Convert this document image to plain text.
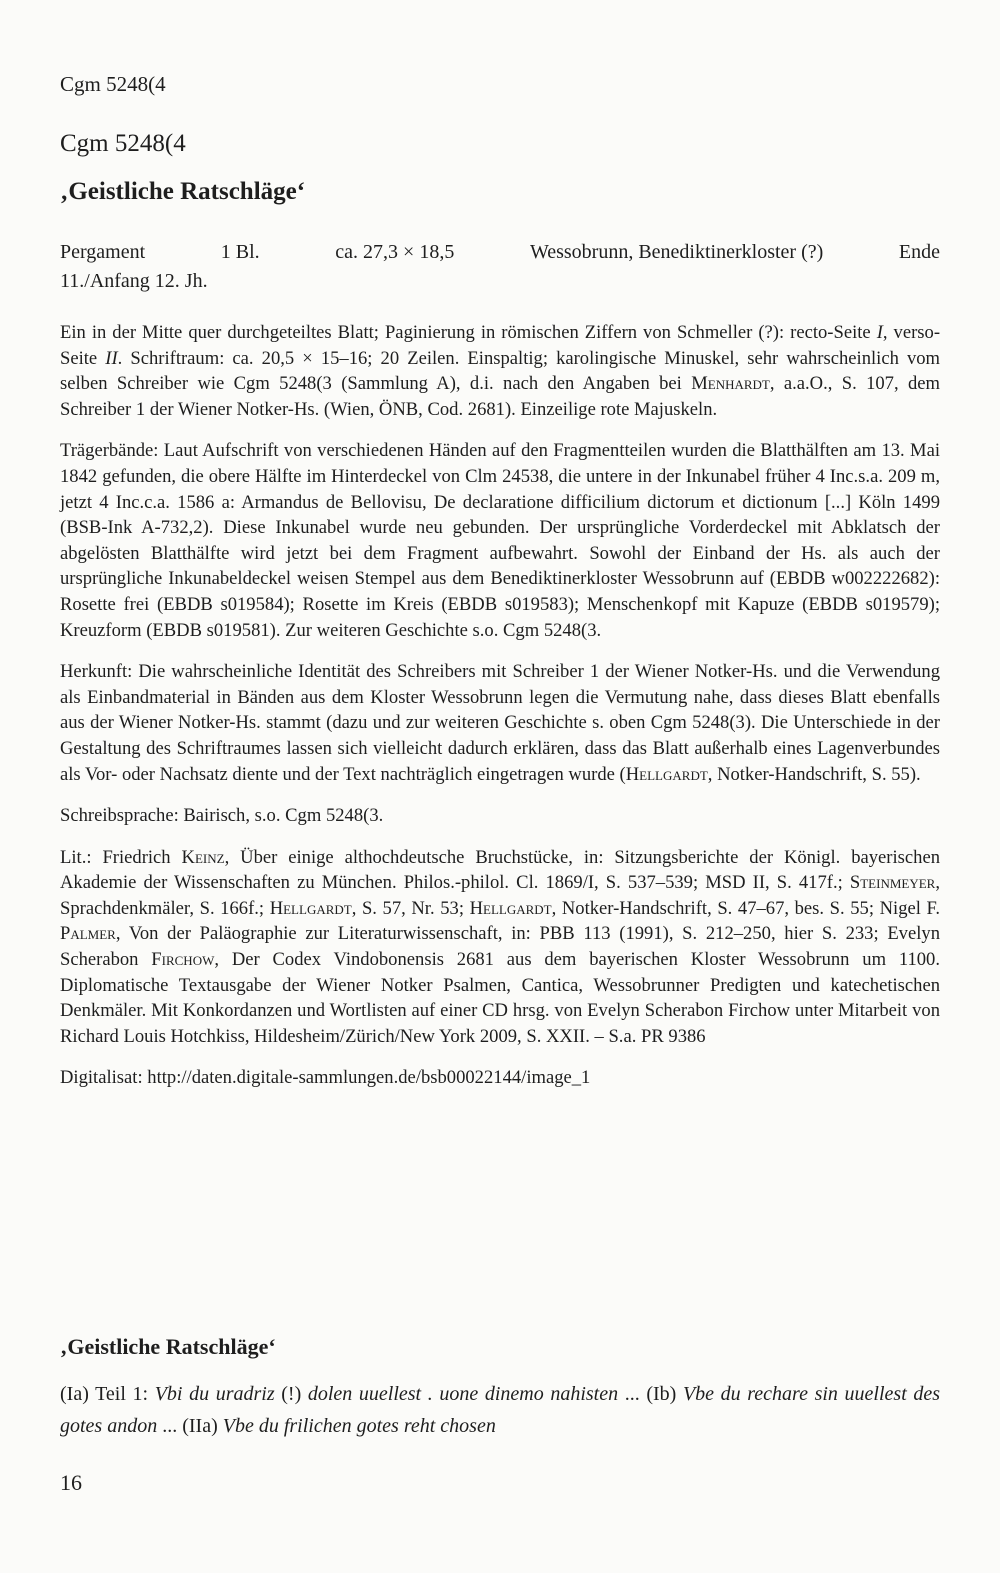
Cgm 5248(4
Cgm 5248(4
‚Geistliche Ratschläge‘
Pergament	1 Bl.	ca. 27,3 × 18,5	Wessobrunn, Benediktinerkloster (?)	Ende
11./Anfang 12. Jh.

Ein in der Mitte quer durchgeteiltes Blatt; Paginierung in römischen Ziffern von Schmeller (?): recto-Seite I, verso-Seite II. Schriftraum: ca. 20,5 × 15–16; 20 Zeilen. Einspaltig; karolingische Minuskel, sehr wahrscheinlich vom selben Schreiber wie Cgm 5248(3 (Sammlung A), d.i. nach den Angaben bei Menhardt, a.a.O., S. 107, dem Schreiber 1 der Wiener Notker-Hs. (Wien, ÖNB, Cod. 2681). Einzeilige rote Majuskeln.

Trägerbände: Laut Aufschrift von verschiedenen Händen auf den Fragmentteilen wurden die Blatthälften am 13. Mai 1842 gefunden, die obere Hälfte im Hinterdeckel von Clm 24538, die untere in der Inkunabel früher 4 Inc.s.a. 209 m, jetzt 4 Inc.c.a. 1586 a: Armandus de Bellovisu, De declaratione difficilium dictorum et dictionum [...] Köln 1499 (BSB-Ink A-732,2). Diese Inkunabel wurde neu gebunden. Der ursprüngliche Vorderdeckel mit Abklatsch der abgelösten Blatthälfte wird jetzt bei dem Fragment aufbewahrt. Sowohl der Einband der Hs. als auch der ursprüngliche Inkunabeldeckel weisen Stempel aus dem Benediktinerkloster Wessobrunn auf (EBDB w002222682): Rosette frei (EBDB s019584); Rosette im Kreis (EBDB s019583); Menschenkopf mit Kapuze (EBDB s019579); Kreuzform (EBDB s019581). Zur weiteren Geschichte s.o. Cgm 5248(3.

Herkunft: Die wahrscheinliche Identität des Schreibers mit Schreiber 1 der Wiener Notker-Hs. und die Verwendung als Einbandmaterial in Bänden aus dem Kloster Wessobrunn legen die Vermutung nahe, dass dieses Blatt ebenfalls aus der Wiener Notker-Hs. stammt (dazu und zur weiteren Geschichte s. oben Cgm 5248(3). Die Unterschiede in der Gestaltung des Schriftraumes lassen sich vielleicht dadurch erklären, dass das Blatt außerhalb eines Lagenverbundes als Vor- oder Nachsatz diente und der Text nachträglich eingetragen wurde (Hellgardt, Notker-Handschrift, S. 55).

Schreibsprache: Bairisch, s.o. Cgm 5248(3.

Lit.: Friedrich Keinz, Über einige althochdeutsche Bruchstücke, in: Sitzungsberichte der Königl. bayerischen Akademie der Wissenschaften zu München. Philos.-philol. Cl. 1869/I, S. 537–539; MSD II, S. 417f.; Steinmeyer, Sprachdenkmäler, S. 166f.; Hellgardt, S. 57, Nr. 53; Hellgardt, Notker-Handschrift, S. 47–67, bes. S. 55; Nigel F. Palmer, Von der Paläographie zur Literaturwissenschaft, in: PBB 113 (1991), S. 212–250, hier S. 233; Evelyn Scherabon Firchow, Der Codex Vindobonensis 2681 aus dem bayerischen Kloster Wessobrunn um 1100. Diplomatische Textausgabe der Wiener Notker Psalmen, Cantica, Wessobrunner Predigten und katechetischen Denkmäler. Mit Konkordanzen und Wortlisten auf einer CD hrsg. von Evelyn Scherabon Firchow unter Mitarbeit von Richard Louis Hotchkiss, Hildesheim/Zürich/New York 2009, S. XXII. – S.a. PR 9386

Digitalisat: http://daten.digitale-sammlungen.de/bsb00022144/image_1

‚Geistliche Ratschläge‘
(Ia) Teil 1: Vbi du uradriz (!) dolen uuellest . uone dinemo nahisten ... (Ib) Vbe du rechare sin uuellest des gotes andon ... (IIa) Vbe du frilichen gotes reht chosen
16
